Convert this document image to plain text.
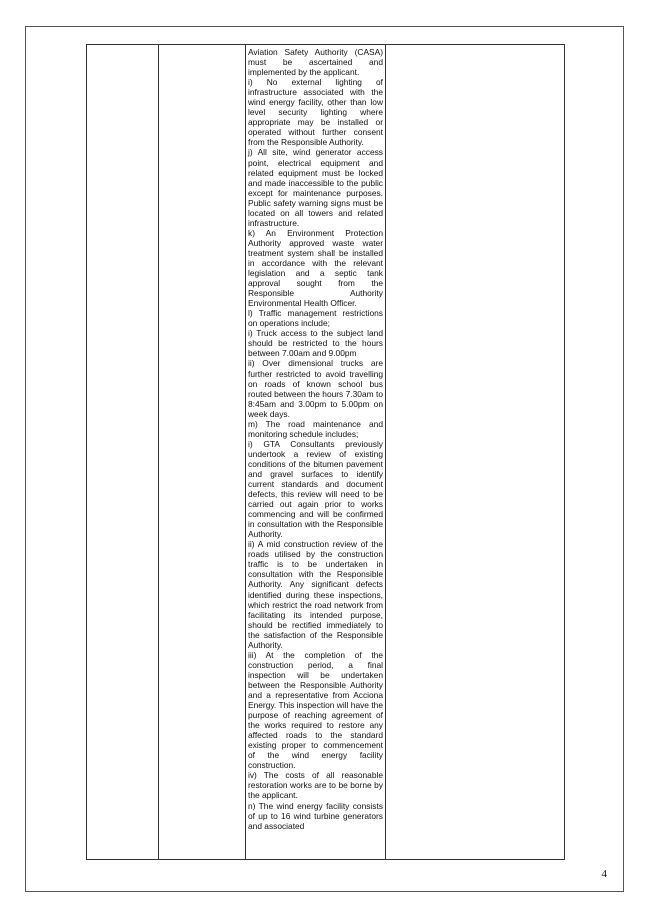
Aviation Safety Authority (CASA) must be ascertained and implemented by the applicant.

i) No external lighting of infrastructure associated with the wind energy facility, other than low level security lighting where appropriate may be installed or operated without further consent from the Responsible Authority.

j) All site, wind generator access point, electrical equipment and related equipment must be locked and made inaccessible to the public except for maintenance purposes. Public safety warning signs must be located on all towers and related infrastructure.

k) An Environment Protection Authority approved waste water treatment system shall be installed in accordance with the relevant legislation and a septic tank approval sought from the Responsible Authority Environmental Health Officer.

l) Traffic management restrictions on operations include;

i) Truck access to the subject land should be restricted to the hours between 7.00am and 9.00pm

ii) Over dimensional trucks are further restricted to avoid travelling on roads of known school bus routed between the hours 7.30am to 8:45am and 3.00pm to 5.00pm on week days.

m) The road maintenance and monitoring schedule includes;

i) GTA Consultants previously undertook a review of existing conditions of the bitumen pavement and gravel surfaces to identify current standards and document defects, this review will need to be carried out again prior to works commencing and will be confirmed in consultation with the Responsible Authority.

ii) A mid construction review of the roads utilised by the construction traffic is to be undertaken in consultation with the Responsible Authority. Any significant defects identified during these inspections, which restrict the road network from facilitating its intended purpose, should be rectified immediately to the satisfaction of the Responsible Authority.

iii) At the completion of the construction period, a final inspection will be undertaken between the Responsible Authority and a representative from Acciona Energy. This inspection will have the purpose of reaching agreement of the works required to restore any affected roads to the standard existing proper to commencement of the wind energy facility construction.

iv) The costs of all reasonable restoration works are to be borne by the applicant.

n) The wind energy facility consists of up to 16 wind turbine generators and associated

4
